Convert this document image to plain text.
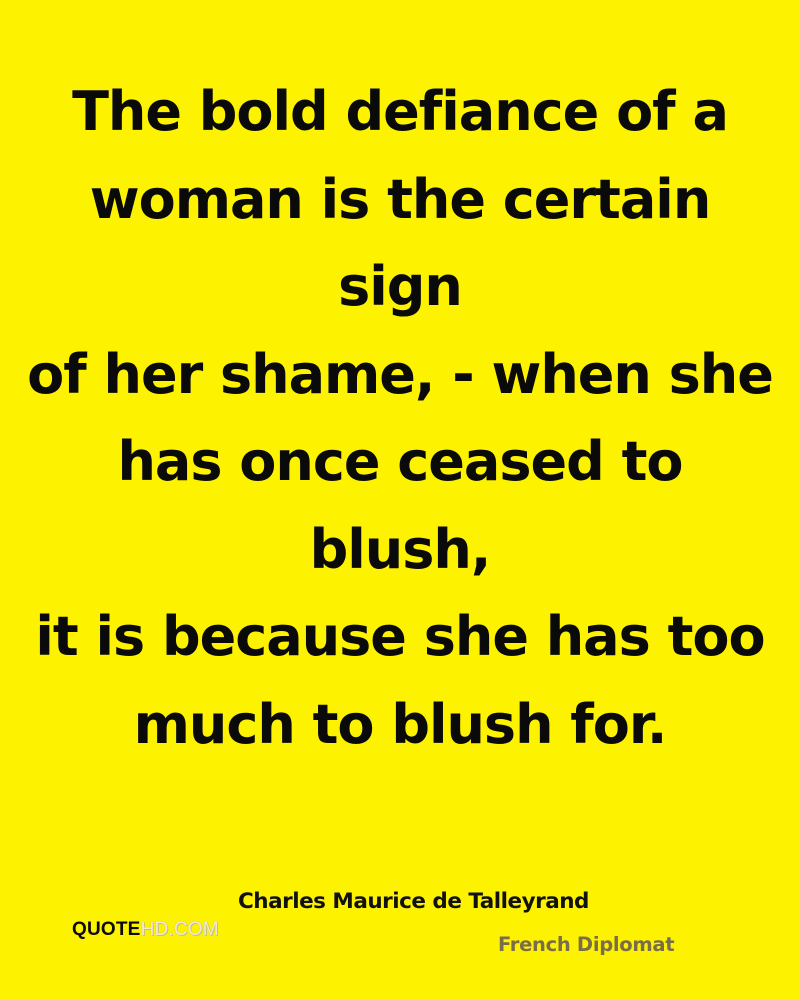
The bold defiance of a
woman is the certain sign
of her shame, - when she
has once ceased to blush,
it is because she has too
much to blush for.

Charles Maurice de Talleyrand
QUOTEHD.COM
French Diplomat
